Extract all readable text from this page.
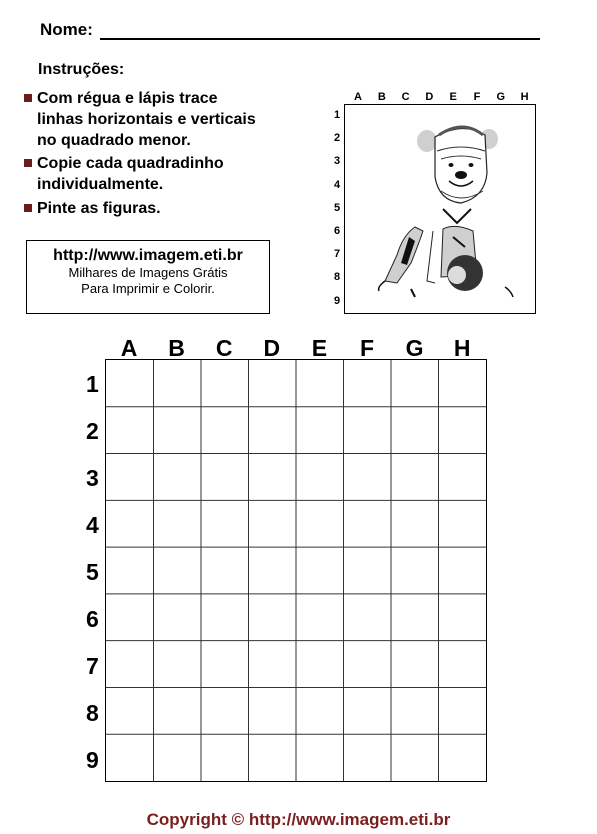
Nome:
Instruções:
Com régua e lápis trace
linhas horizontais e verticais
no quadrado menor.
Copie cada quadradinho
individualmente.
Pinte as figuras.
http://www.imagem.eti.br
Milhares de Imagens Grátis
Para Imprimir e Colorir.
A	B	C	D	E	F	G	H
1
2
3
4
5
6
7
8
9
A	B	C	D	E	F	G	H
1
2
3
4
5
6
7
8
9
Copyright © http://www.imagem.eti.br
